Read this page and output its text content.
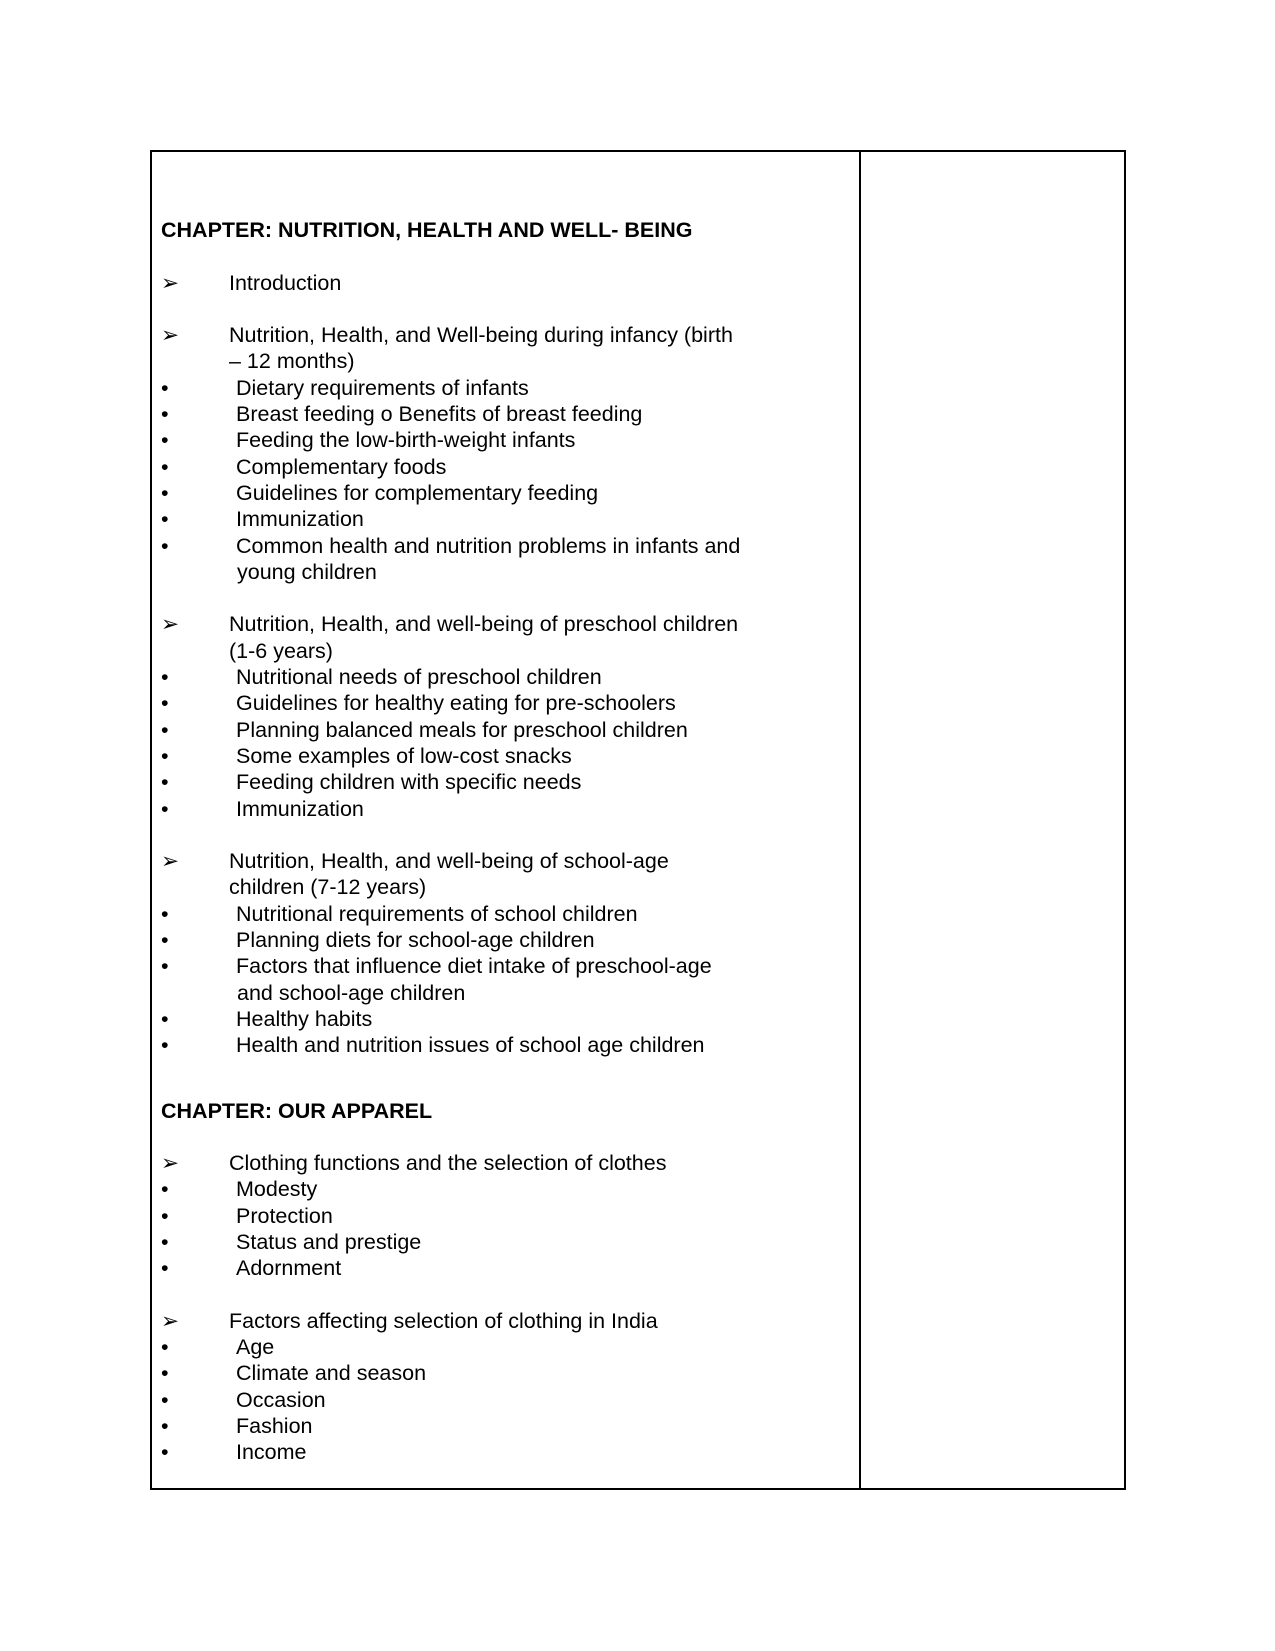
CHAPTER: NUTRITION, HEALTH AND WELL- BEING
➢ Introduction
➢ Nutrition, Health, and Well-being during infancy (birth
– 12 months)
•	Dietary requirements of infants
•	Breast feeding o Benefits of breast feeding
•	Feeding the low-birth-weight infants
•	Complementary foods
•	Guidelines for complementary feeding
•	Immunization
•	Common health and nutrition problems in infants and
young children
➢ Nutrition, Health, and well-being of preschool children
(1-6 years)
•	Nutritional needs of preschool children
•	Guidelines for healthy eating for pre-schoolers
•	Planning balanced meals for preschool children
•	Some examples of low-cost snacks
•	Feeding children with specific needs
•	Immunization
➢ Nutrition, Health, and well-being of school-age
children (7-12 years)
•	Nutritional requirements of school children
•	Planning diets for school-age children
•	Factors that influence diet intake of preschool-age
and school-age children
•	Healthy habits
•	Health and nutrition issues of school age children
CHAPTER: OUR APPAREL
➢ Clothing functions and the selection of clothes
•	Modesty
•	Protection
•	Status and prestige
•	Adornment
➢ Factors affecting selection of clothing in India
•	Age
•	Climate and season
•	Occasion
•	Fashion
•	Income
